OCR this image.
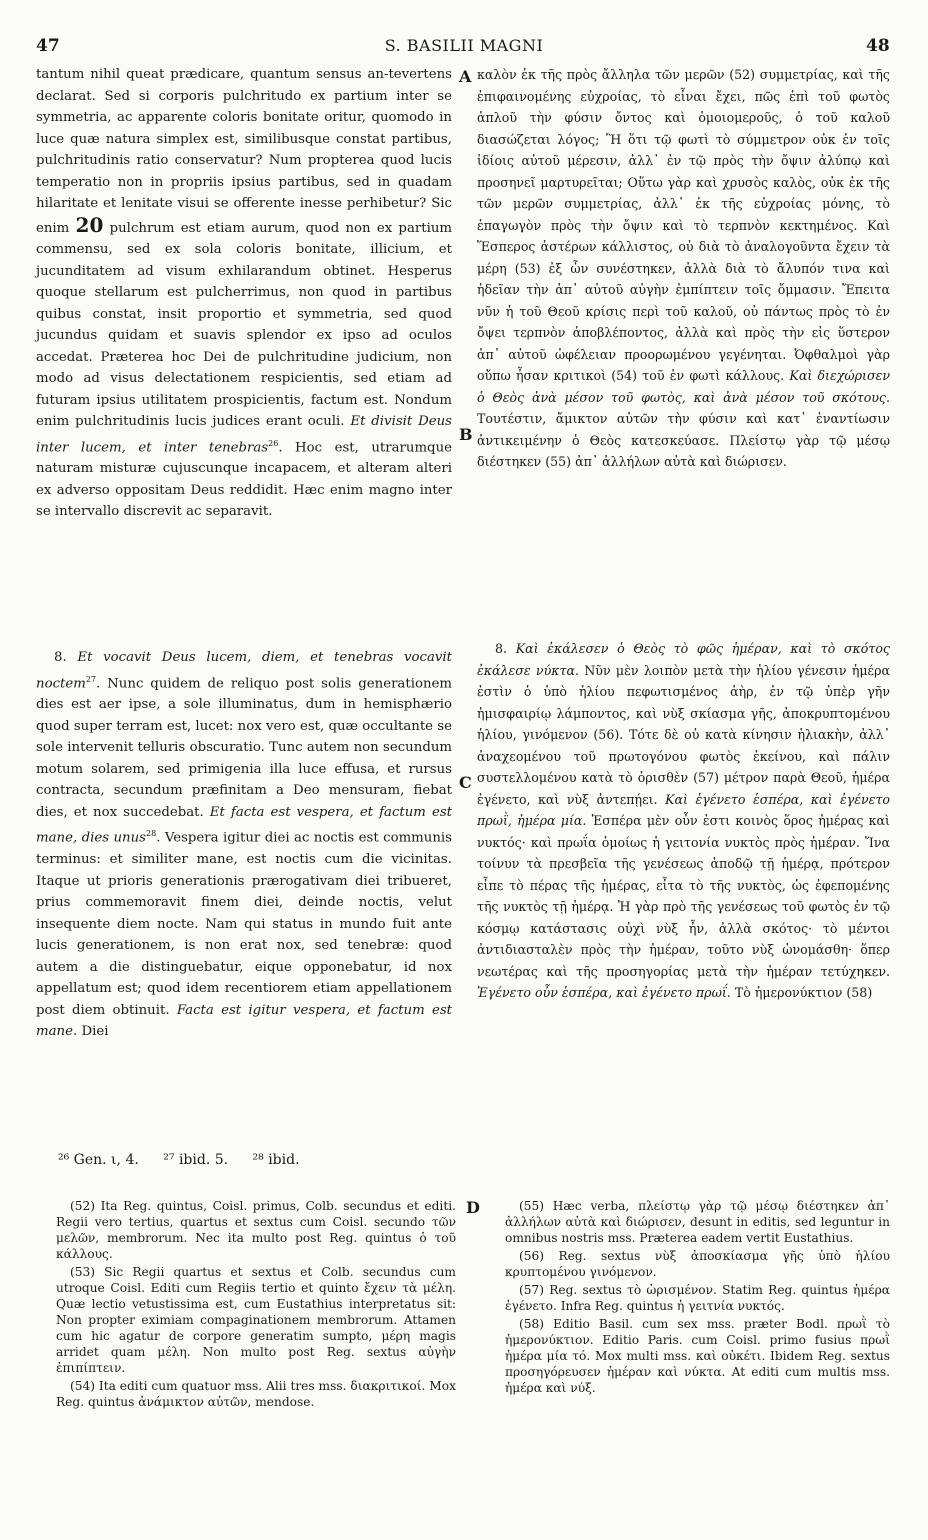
47	S. BASILII MAGNI	48
A
B
C
D

tantum nihil queat prædicare, quantum sensus an-tevertens declarat. Sed si corporis pulchritudo ex partium inter se symmetria, ac apparente coloris bonitate oritur, quomodo in luce quæ natura simplex est, similibusque constat partibus, pulchritudinis ratio conservatur? Num propterea quod lucis temperatio non in propriis ipsius partibus, sed in quadam hilaritate et lenitate visui se offerente inesse perhibetur? Sic enim 20 pulchrum est etiam aurum, quod non ex partium commensu, sed ex sola coloris bonitate, illicium, et jucunditatem ad visum exhilarandum obtinet. Hesperus quoque stellarum est pulcherrimus, non quod in partibus quibus constat, insit proportio et symmetria, sed quod jucundus quidam et suavis splendor ex ipso ad oculos accedat. Præterea hoc Dei de pulchritudine judicium, non modo ad visus delectationem respicientis, sed etiam ad futuram ipsius utilitatem prospicientis, factum est. Nondum enim pulchritudinis lucis judices erant oculi. Et divisit Deus inter lucem, et inter tenebras$^{26}$. Hoc est, utrarumque naturam misturæ cujuscunque incapacem, et alteram alteri ex adverso oppositam Deus reddidit. Hæc enim magno inter se intervallo discrevit ac separavit.

8. Et vocavit Deus lucem, diem, et tenebras vocavit noctem$^{27}$. Nunc quidem de reliquo post solis generationem dies est aer ipse, a sole illuminatus, dum in hemisphærio quod super terram est, lucet: nox vero est, quæ occultante se sole intervenit telluris obscuratio. Tunc autem non secundum motum solarem, sed primigenia illa luce effusa, et rursus contracta, secundum præfinitam a Deo mensuram, fiebat dies, et nox succedebat. Et facta est vespera, et factum est mane, dies unus$^{28}$. Vespera igitur diei ac noctis est communis terminus: et similiter mane, est noctis cum die vicinitas. Itaque ut prioris generationis prærogativam diei tribueret, prius commemoravit finem diei, deinde noctis, velut insequente diem nocte. Nam qui status in mundo fuit ante lucis generationem, is non erat nox, sed tenebræ: quod autem a die distinguebatur, eique opponebatur, id nox appellatum est; quod idem recentiorem etiam appellationem post diem obtinuit. Facta est igitur vespera, et factum est mane. Diei

καλὸν ἐκ τῆς πρὸς ἄλληλα τῶν μερῶν (52) συμμετρίας, καὶ τῆς ἐπιφαινομένης εὐχροίας, τὸ εἶναι ἔχει, πῶς ἐπὶ τοῦ φωτὸς ἁπλοῦ τὴν φύσιν ὄντος καὶ ὁμοιομεροῦς, ὁ τοῦ καλοῦ διασώζεται λόγος; Ἢ ὅτι τῷ φωτὶ τὸ σύμμετρον οὐκ ἐν τοῖς ἰδίοις αὐτοῦ μέρεσιν, ἀλλ᾽ ἐν τῷ πρὸς τὴν ὄψιν ἀλύπῳ καὶ προσηνεῖ μαρτυρεῖται; Οὕτω γὰρ καὶ χρυσὸς καλὸς, οὐκ ἐκ τῆς τῶν μερῶν συμμετρίας, ἀλλ᾽ ἐκ τῆς εὐχροίας μόνης, τὸ ἐπαγωγὸν πρὸς τὴν ὄψιν καὶ τὸ τερπνὸν κεκτημένος. Καὶ Ἕσπερος ἀστέρων κάλλιστος, οὐ διὰ τὸ ἀναλογοῦντα ἔχειν τὰ μέρη (53) ἐξ ὧν συνέστηκεν, ἀλλὰ διὰ τὸ ἄλυπόν τινα καὶ ἡδεῖαν τὴν ἀπ᾽ αὐτοῦ αὐγὴν ἐμπίπτειν τοῖς ὄμμασιν. Ἔπειτα νῦν ἡ τοῦ Θεοῦ κρίσις περὶ τοῦ καλοῦ, οὐ πάντως πρὸς τὸ ἐν ὄψει τερπνὸν ἀποβλέποντος, ἀλλὰ καὶ πρὸς τὴν εἰς ὕστερον ἀπ᾽ αὐτοῦ ὠφέλειαν προορωμένου γεγένηται. Ὀφθαλμοὶ γὰρ οὔπω ἦσαν κριτικοὶ (54) τοῦ ἐν φωτὶ κάλλους. Καὶ διεχώρισεν ὁ Θεὸς ἀνὰ μέσον τοῦ φωτὸς, καὶ ἀνὰ μέσον τοῦ σκότους. Τουτέστιν, ἄμικτον αὐτῶν τὴν φύσιν καὶ κατ᾽ ἐναντίωσιν ἀντικειμένην ὁ Θεὸς κατεσκεύασε. Πλείστῳ γὰρ τῷ μέσῳ διέστηκεν (55) ἀπ᾽ ἀλλήλων αὐτὰ καὶ διώρισεν.

8. Καὶ ἐκάλεσεν ὁ Θεὸς τὸ φῶς ἡμέραν, καὶ τὸ σκότος ἐκάλεσε νύκτα. Νῦν μὲν λοιπὸν μετὰ τὴν ἡλίου γένεσιν ἡμέρα ἐστὶν ὁ ὑπὸ ἡλίου πεφωτισμένος ἀὴρ, ἐν τῷ ὑπὲρ γῆν ἡμισφαιρίῳ λάμποντος, καὶ νὺξ σκίασμα γῆς, ἀποκρυπτομένου ἡλίου, γινόμενον (56). Τότε δὲ οὐ κατὰ κίνησιν ἡλιακὴν, ἀλλ᾽ ἀναχεομένου τοῦ πρωτογόνου φωτὸς ἐκείνου, καὶ πάλιν συστελλομένου κατὰ τὸ ὁρισθὲν (57) μέτρον παρὰ Θεοῦ, ἡμέρα ἐγένετο, καὶ νὺξ ἀντεπῄει. Καὶ ἐγένετο ἑσπέρα, καὶ ἐγένετο πρωῒ, ἡμέρα μία. Ἑσπέρα μὲν οὖν ἐστι κοινὸς ὅρος ἡμέρας καὶ νυκτός· καὶ πρωΐα ὁμοίως ἡ γειτονία νυκτὸς πρὸς ἡμέραν. Ἵνα τοίνυν τὰ πρεσβεῖα τῆς γενέσεως ἀποδῷ τῇ ἡμέρᾳ, πρότερον εἶπε τὸ πέρας τῆς ἡμέρας, εἶτα τὸ τῆς νυκτὸς, ὡς ἐφεπομένης τῆς νυκτὸς τῇ ἡμέρᾳ. Ἡ γὰρ πρὸ τῆς γενέσεως τοῦ φωτὸς ἐν τῷ κόσμῳ κατάστασις οὐχὶ νὺξ ἦν, ἀλλὰ σκότος· τὸ μέντοι ἀντιδιασταλὲν πρὸς τὴν ἡμέραν, τοῦτο νὺξ ὠνομάσθη· ὅπερ νεωτέρας καὶ τῆς προσηγορίας μετὰ τὴν ἡμέραν τετύχηκεν. Ἐγένετο οὖν ἑσπέρα, καὶ ἐγένετο πρωΐ. Τὸ ἡμερονύκτιον (58)

²⁶ Gen. ι, 4. ²⁷ ibid. 5. ²⁸ ibid.

(52) Ita Reg. quintus, Coisl. primus, Colb. secundus et editi. Regii vero tertius, quartus et sextus cum Coisl. secundo τῶν μελῶν, membrorum. Nec ita multo post Reg. quintus ὁ τοῦ κάλλους.

(53) Sic Regii quartus et sextus et Colb. secundus cum utroque Coisl. Editi cum Regiis tertio et quinto ἔχειν τὰ μέλη. Quæ lectio vetustissima est, cum Eustathius interpretatus sit: Non propter eximiam compaginationem membrorum. Attamen cum hic agatur de corpore generatim sumpto, μέρη magis arridet quam μέλη. Non multo post Reg. sextus αὐγὴν ἐπιπίπτειν.

(54) Ita editi cum quatuor mss. Alii tres mss. διακριτικοί. Mox Reg. quintus ἀνάμικτον αὐτῶν, mendose.

(55) Hæc verba, πλείστῳ γὰρ τῷ μέσῳ διέστηκεν ἀπ᾽ ἀλλήλων αὐτὰ καὶ διώρισεν, desunt in editis, sed leguntur in omnibus nostris mss. Præterea eadem vertit Eustathius.

(56) Reg. sextus νὺξ ἀποσκίασμα γῆς ὑπὸ ἡλίου κρυπτομένου γινόμενον.

(57) Reg. sextus τὸ ὡρισμένον. Statim Reg. quintus ἡμέρα ἐγένετο. Infra Reg. quintus ἡ γειτνία νυκτός.

(58) Editio Basil. cum sex mss. præter Bodl. πρωῒ τὸ ἡμερονύκτιον. Editio Paris. cum Coisl. primo fusius πρωῒ ἡμέρα μία τό. Mox multi mss. καὶ οὐκέτι. Ibidem Reg. sextus προσηγόρευσεν ἡμέραν καὶ νύκτα. At editi cum multis mss. ἡμέρα καὶ νύξ.
